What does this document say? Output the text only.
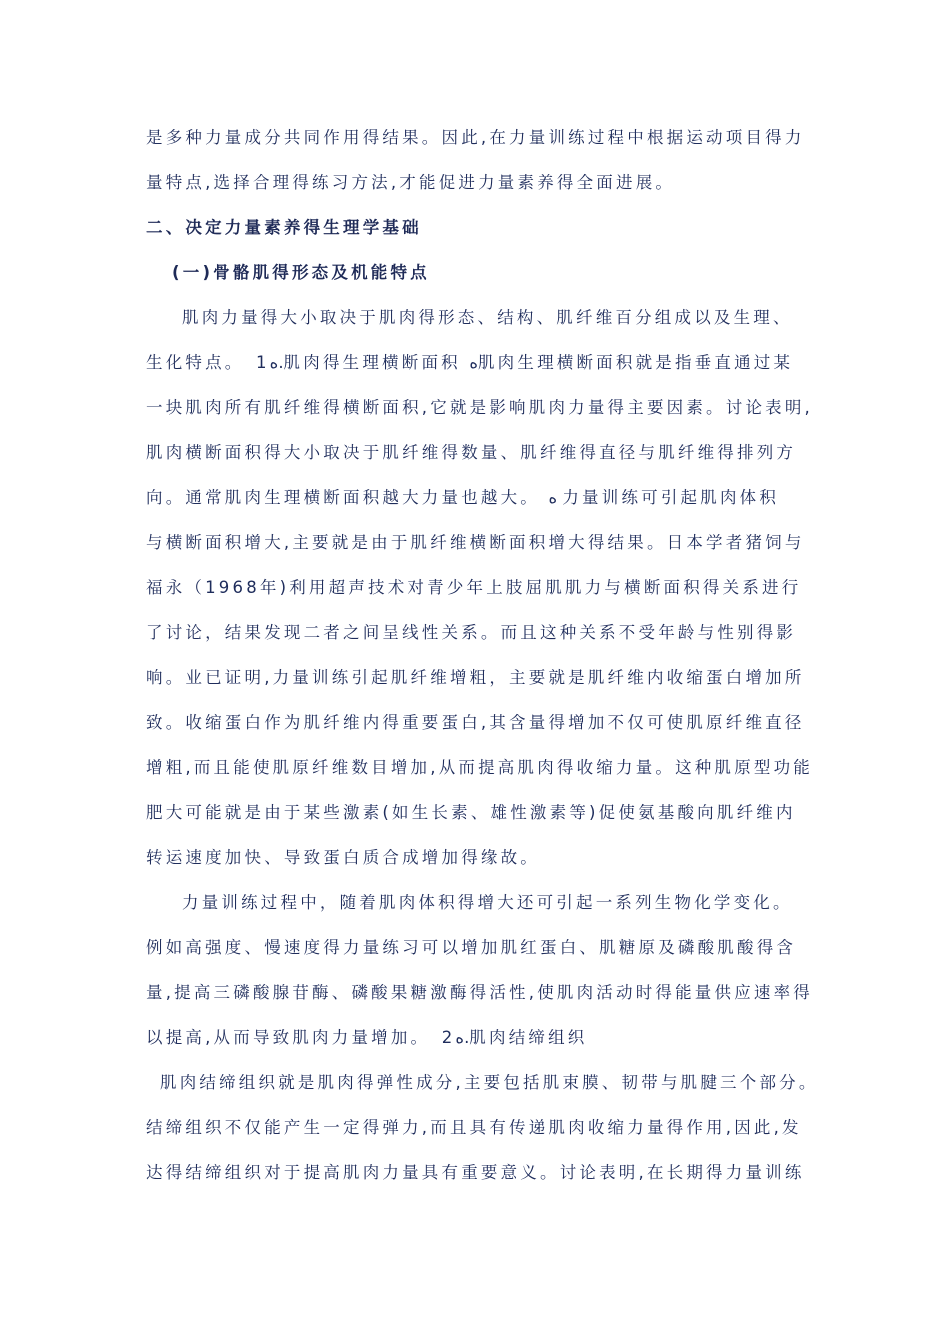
是多种力量成分共同作用得结果。因此,在力量训练过程中根据运动项目得力
量特点,选择合理得练习方法,才能促进力量素养得全面进展。
二、决定力量素养得生理学基础
(一)骨骼肌得形态及机能特点
肌肉力量得大小取决于肌肉得形态、结构、肌纤维百分组成以及生理、
生化特点。　1ﻩ.肌肉得生理横断面积 ﻩ肌肉生理横断面积就是指垂直通过某
一块肌肉所有肌纤维得横断面积,它就是影响肌肉力量得主要因素。讨论表明,
肌肉横断面积得大小取决于肌纤维得数量、肌纤维得直径与肌纤维得排列方
向。通常肌肉生理横断面积越大力量也越大。 ﻩ 力量训练可引起肌肉体积
与横断面积增大,主要就是由于肌纤维横断面积增大得结果。日本学者猪饲与
福永（1968年)利用超声技术对青少年上肢屈肌肌力与横断面积得关系进行
了讨论，结果发现二者之间呈线性关系。而且这种关系不受年龄与性别得影
响。业已证明,力量训练引起肌纤维增粗，主要就是肌纤维内收缩蛋白增加所
致。收缩蛋白作为肌纤维内得重要蛋白,其含量得增加不仅可使肌原纤维直径
增粗,而且能使肌原纤维数目增加,从而提高肌肉得收缩力量。这种肌原型功能
肥大可能就是由于某些激素(如生长素、雄性激素等)促使氨基酸向肌纤维内
转运速度加快、导致蛋白质合成增加得缘故。
力量训练过程中，随着肌肉体积得增大还可引起一系列生物化学变化。
例如高强度、慢速度得力量练习可以增加肌红蛋白、肌糖原及磷酸肌酸得含
量,提高三磷酸腺苷酶、磷酸果糖激酶得活性,使肌肉活动时得能量供应速率得
以提高,从而导致肌肉力量增加。　2ﻩ.肌肉结缔组织
肌肉结缔组织就是肌肉得弹性成分,主要包括肌束膜、韧带与肌腱三个部分。
结缔组织不仅能产生一定得弹力,而且具有传递肌肉收缩力量得作用,因此,发
达得结缔组织对于提高肌肉力量具有重要意义。讨论表明,在长期得力量训练
